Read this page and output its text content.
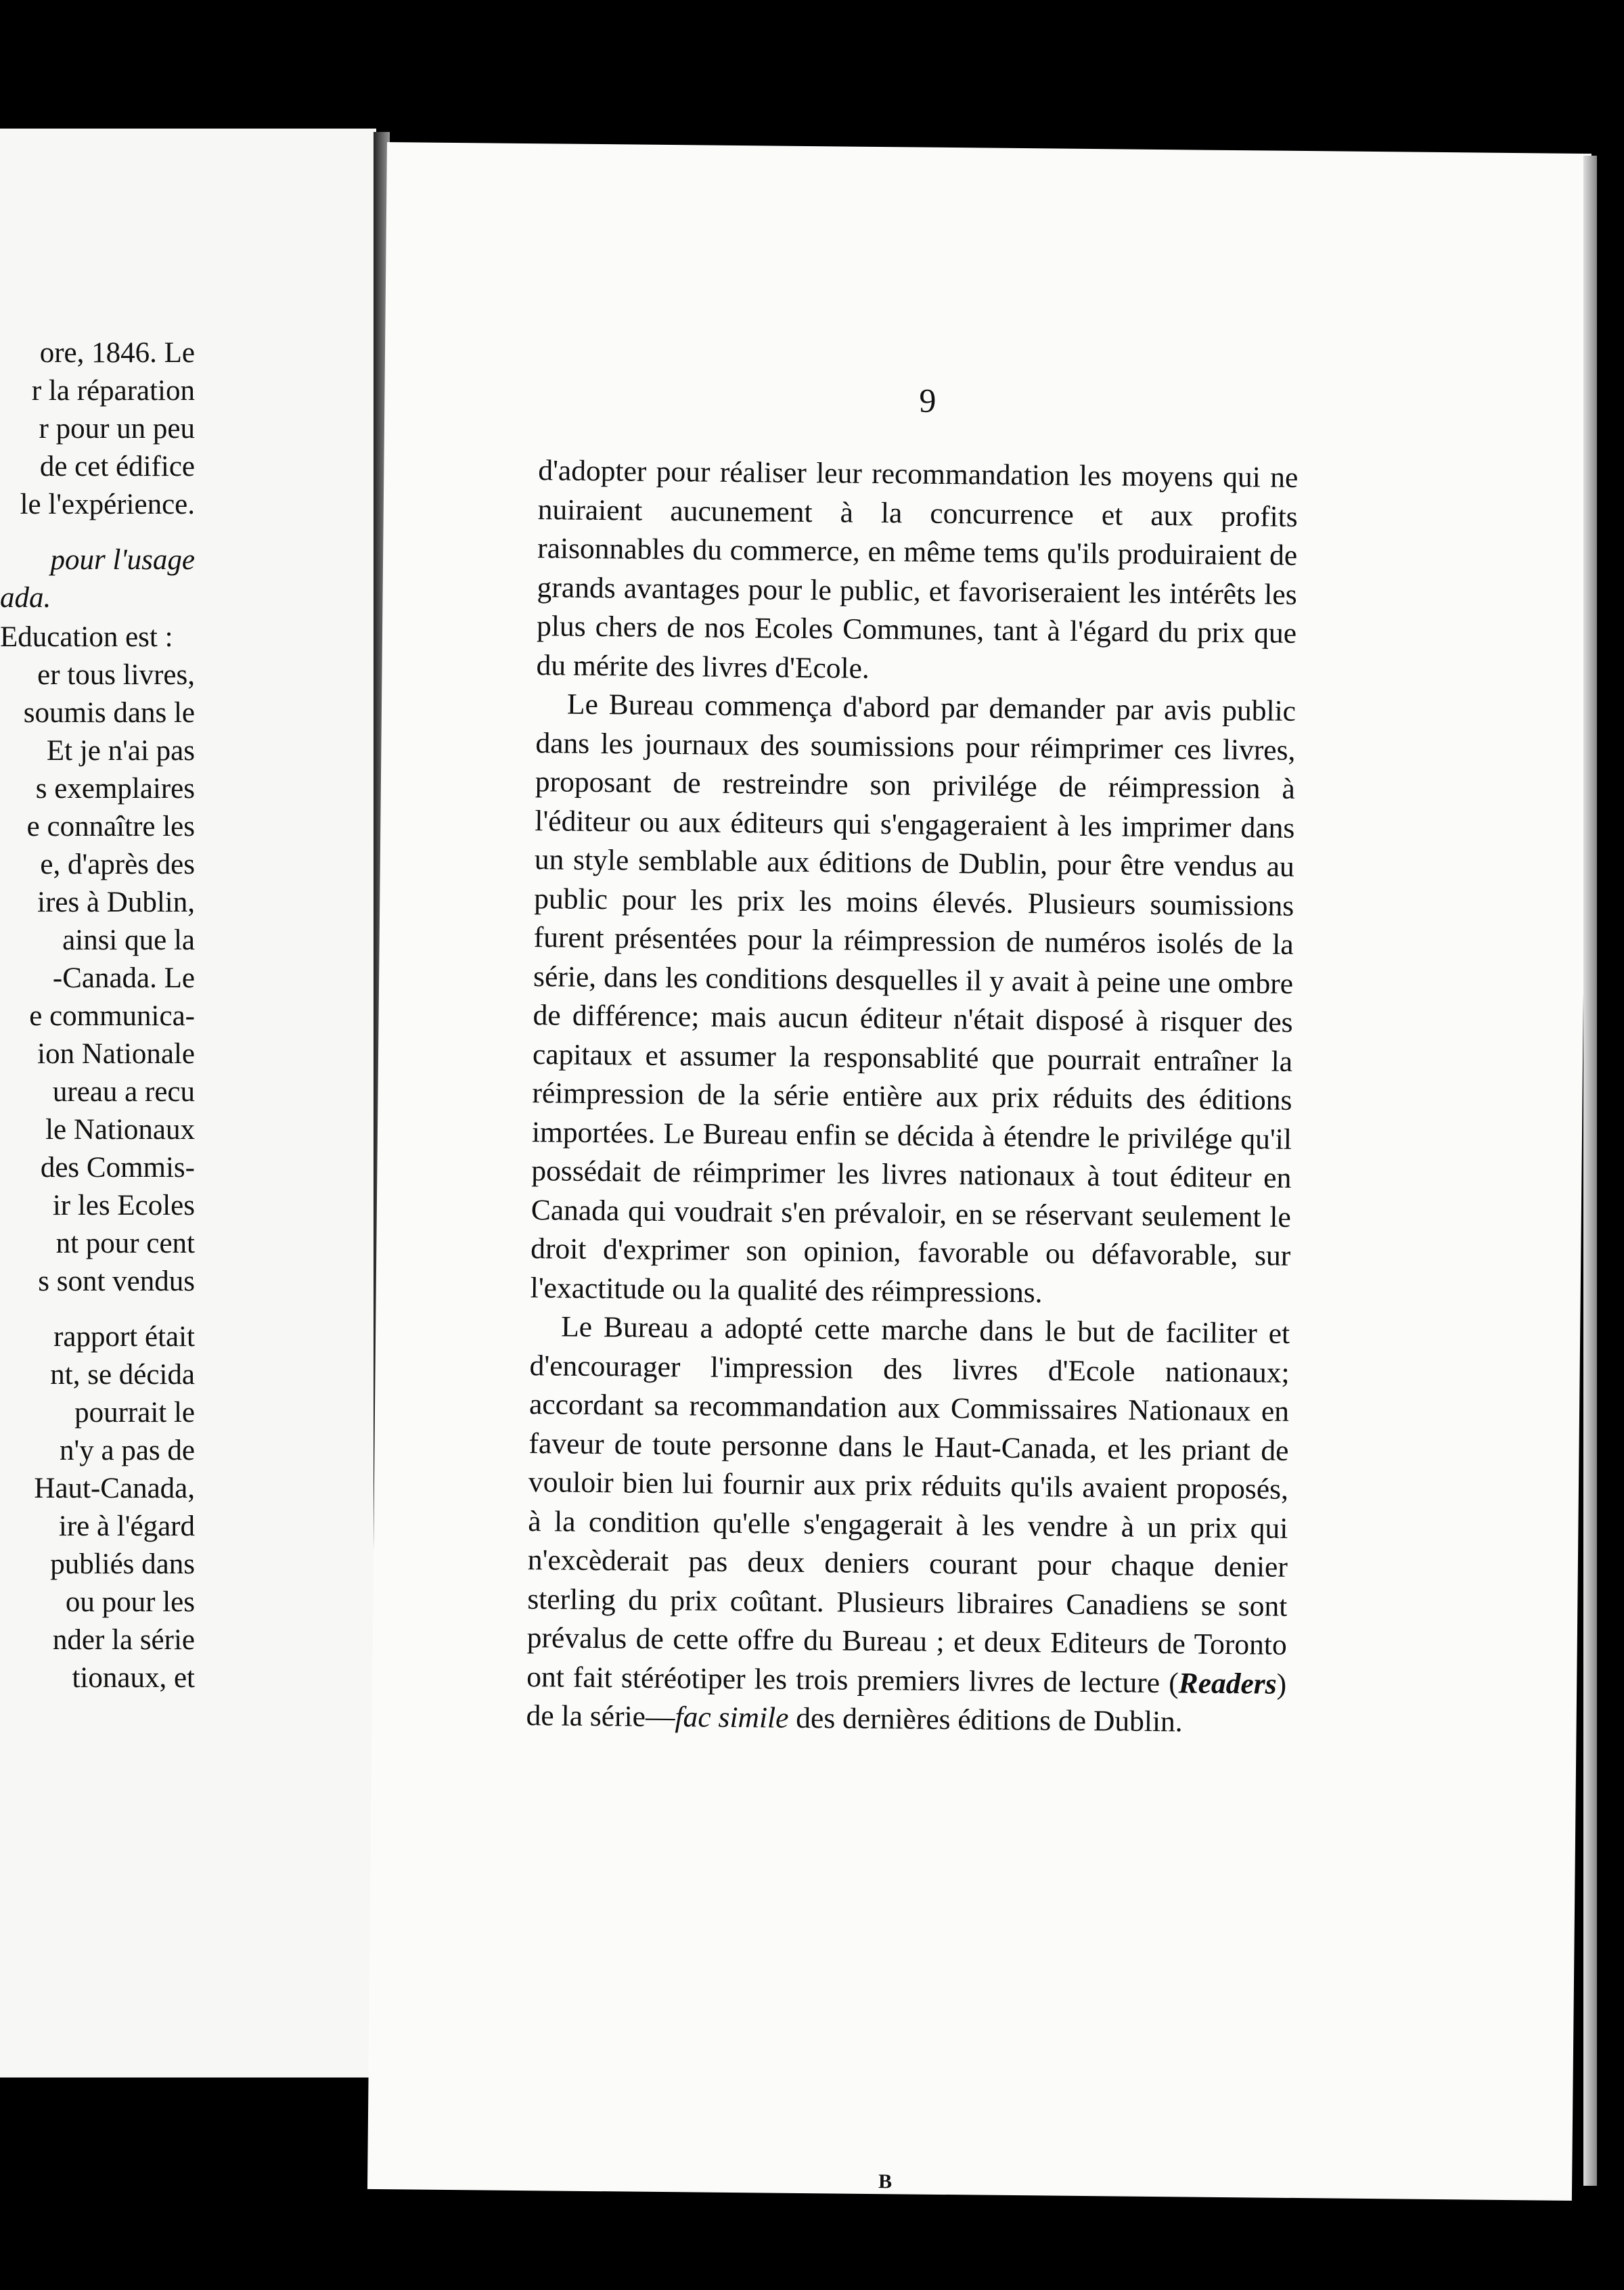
ore, 1846. Le
r la réparation
r pour un peu
de cet édifice
le l'expérience.
pour l'usage
ada.
Education est :
er tous livres,
soumis dans le
Et je n'ai pas
s exemplaires
e connaître les
e, d'après des
ires à Dublin,
ainsi que la
-Canada. Le
e communica-
ion Nationale
ureau a recu
le Nationaux
des Commis-
ir les Ecoles
nt pour cent
s sont vendus
rapport était
nt, se décida
pourrait le
n'y a pas de
Haut-Canada,
ire à l'égard
publiés dans
ou pour les
nder la série
tionaux, et
9

d'adopter pour réaliser leur recommandation les moyens qui ne nuiraient aucunement à la concurrence et aux profits raisonnables du commerce, en même tems qu'ils produiraient de grands avantages pour le public, et favoriseraient les intérêts les plus chers de nos Ecoles Communes, tant à l'égard du prix que du mérite des livres d'Ecole.

Le Bureau commença d'abord par demander par avis public dans les journaux des soumissions pour réimprimer ces livres, proposant de restreindre son privilége de réimpression à l'éditeur ou aux éditeurs qui s'engageraient à les imprimer dans un style semblable aux éditions de Dublin, pour être vendus au public pour les prix les moins élevés. Plusieurs soumissions furent présentées pour la réimpression de numéros isolés de la série, dans les conditions desquelles il y avait à peine une ombre de différence; mais aucun éditeur n'était disposé à risquer des capitaux et assumer la responsablité que pourrait entraîner la réimpression de la série entière aux prix réduits des éditions importées. Le Bureau enfin se décida à étendre le privilége qu'il possédait de réimprimer les livres nationaux à tout éditeur en Canada qui voudrait s'en prévaloir, en se réservant seulement le droit d'exprimer son opinion, favorable ou défavorable, sur l'exactitude ou la qualité des réimpressions.

Le Bureau a adopté cette marche dans le but de faciliter et d'encourager l'impression des livres d'Ecole nationaux; accordant sa recommandation aux Commissaires Nationaux en faveur de toute personne dans le Haut-Canada, et les priant de vouloir bien lui fournir aux prix réduits qu'ils avaient proposés, à la condition qu'elle s'engagerait à les vendre à un prix qui n'excèderait pas deux deniers courant pour chaque denier sterling du prix coûtant. Plusieurs libraires Canadiens se sont prévalus de cette offre du Bureau ; et deux Editeurs de Toronto ont fait stéréotiper les trois premiers livres de lecture (Readers) de la série—fac simile des dernières éditions de Dublin.

B
